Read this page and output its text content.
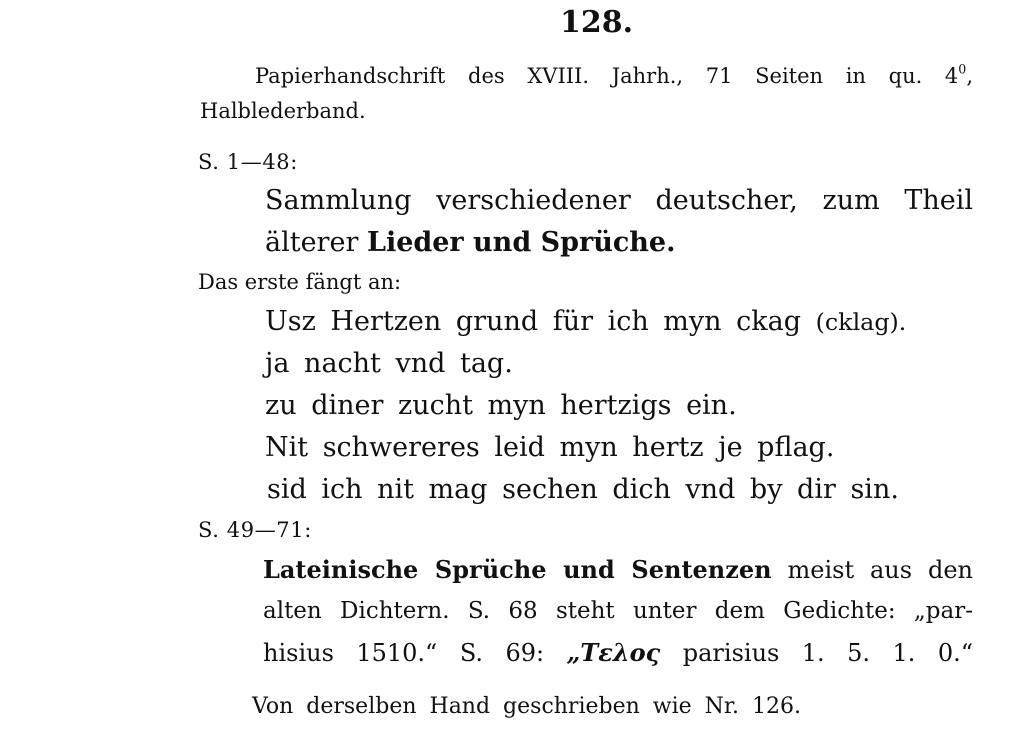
128.
Papierhandschrift des XVIII. Jahrh., 71 Seiten in qu. $4^0$,
Halblederband.
S. 1—48:
Sammlung verschiedener deutscher, zum Theil
älterer Lieder und Sprüche.
Das erste fängt an:
Usz Hertzen grund für ich myn ckag (cklag).
ja nacht vnd tag.
zu diner zucht myn hertzigs ein.
Nit schwereres leid myn hertz je pflag.
sid ich nit mag sechen dich vnd by dir sin.
S. 49—71:
Lateinische Sprüche und Sentenzen meist aus den
alten Dichtern. S. 68 steht unter dem Gedichte: „par-
hisius 1510.“ S. 69: „Τελος parisius 1. 5. 1. 0.“
Von derselben Hand geschrieben wie Nr. 126.
